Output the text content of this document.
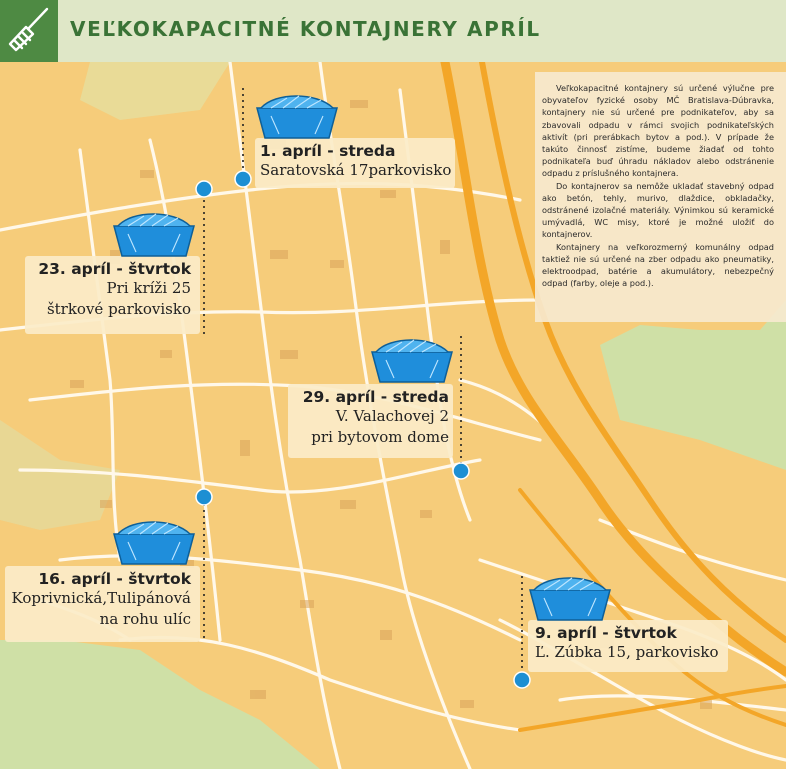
VEĽKOKAPACITNÉ KONTAJNERY APRÍL

Veľkokapacitné kontajnery sú určené výlučne pre obyvateľov fyzické osoby MČ Bratislava-Dúbravka, kontajnery nie sú určené pre podnikateľov, aby sa zbavovali odpadu v rámci svojich podnikateľských aktivít (pri prerábkach bytov a pod.). V prípade že takúto činnosť zistíme, budeme žiadať od tohto podnikateľa buď úhradu nákladov alebo odstránenie odpadu z príslušného kontajnera.

Do kontajnerov sa nemôže ukladať stavebný odpad ako betón, tehly, murivo, dlaždice, obkladačky, odstránené izolačné materiály. Výnimkou sú keramické umývadlá, WC misy, ktoré je možné uložiť do kontajnerov.

Kontajnery na veľkorozmerný komunálny odpad taktiež nie sú určené na zber odpadu ako pneumatiky, elektroodpad, batérie a akumulátory, nebezpečný odpad (farby, oleje a pod.).

1. apríl - streda
Saratovská 17parkovisko
23. apríl - štvrtok
Pri kríži 25
štrkové parkovisko
29. apríl - streda
V. Valachovej 2
pri bytovom dome
16. apríl - štvrtok
Koprivnická,Tulipánová
na rohu ulíc
9. apríl - štvrtok
Ľ. Zúbka 15, parkovisko
